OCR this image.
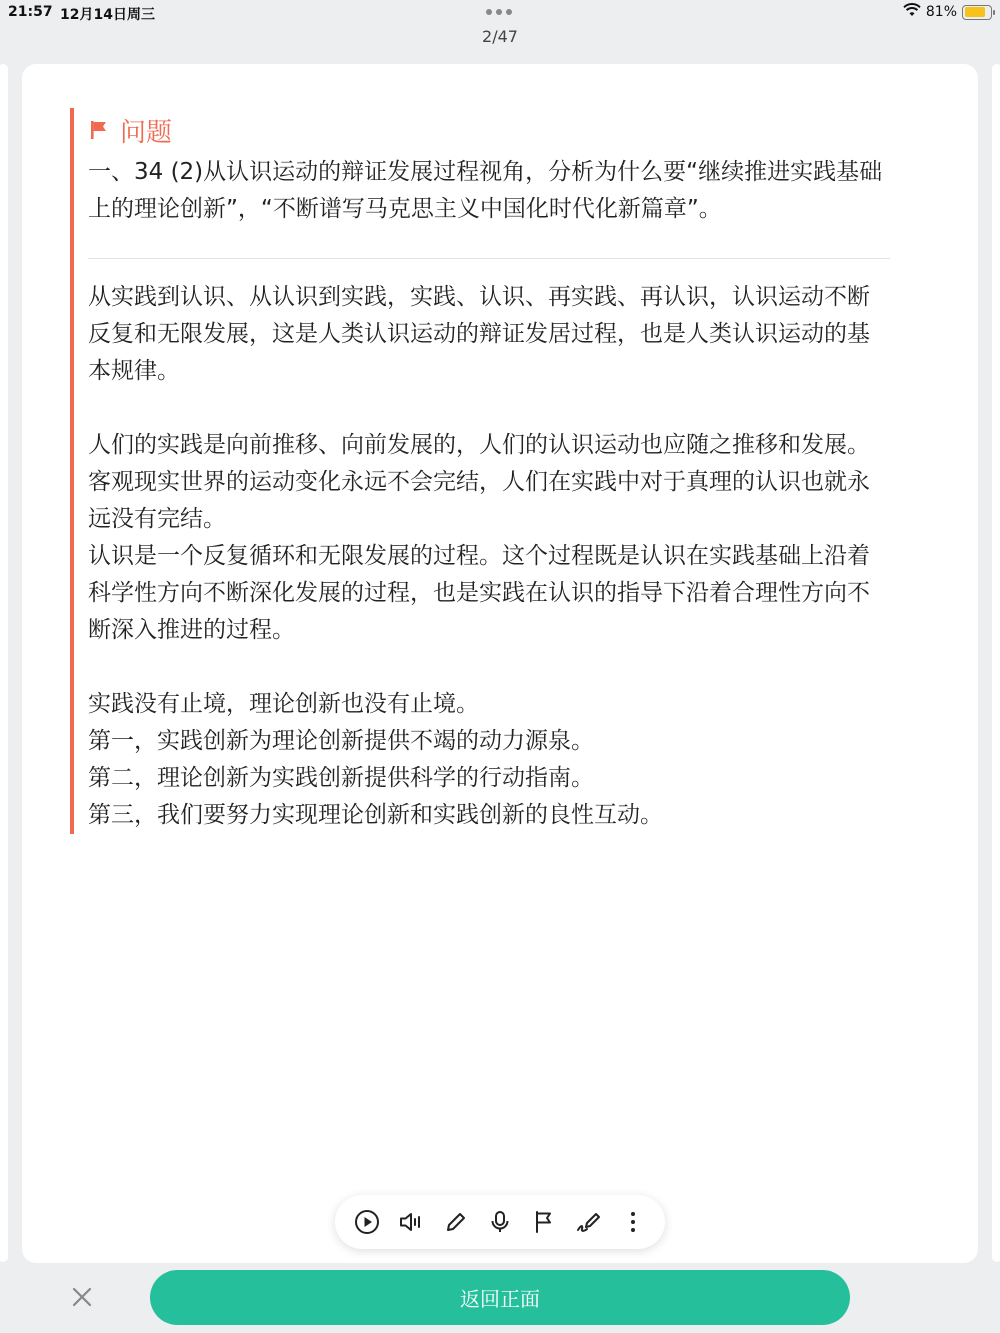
21:57 12月14日周三	81%
2/47
问题
一、34 (2)从认识运动的辩证发展过程视角，分析为什么要“继续推进实践基础上的理论创新”，“不断谱写马克思主义中国化时代化新篇章”。

从实践到认识、从认识到实践，实践、认识、再实践、再认识，认识运动不断反复和无限发展，这是人类认识运动的辩证发居过程，也是人类认识运动的基本规律。

人们的实践是向前推移、向前发展的，人们的认识运动也应随之推移和发展。客观现实世界的运动变化永远不会完结，人们在实践中对于真理的认识也就永远没有完结。

认识是一个反复循环和无限发展的过程。这个过程既是认识在实践基础上沿着科学性方向不断深化发展的过程，也是实践在认识的指导下沿着合理性方向不断深入推进的过程。

实践没有止境，理论创新也没有止境。

第一，实践创新为理论创新提供不竭的动力源泉。

第二，理论创新为实践创新提供科学的行动指南。

第三，我们要努力实现理论创新和实践创新的良性互动。

返回正面
